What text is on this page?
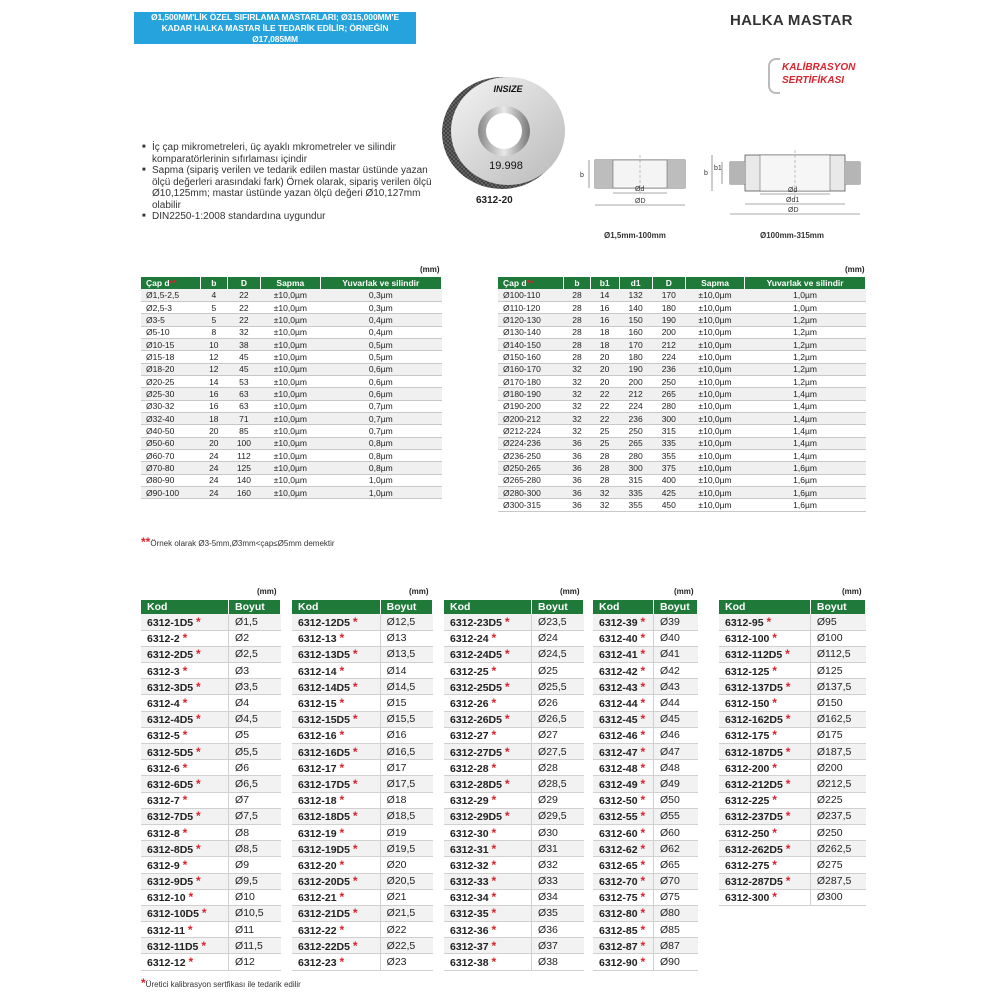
Ø1,500MM'LİK ÖZEL SIFIRLAMA MASTARLARI; Ø315,000MM'E KADAR HALKA MASTAR İLE TEDARİK EDİLİR; ÖRNEĞİN Ø17,085MM
HALKA MASTAR
KALİBRASYON
SERTİFİKASI
INSIZE
19.998
6312-20
■ İç çap mikrometreleri, üç ayaklı mkrometreler ve silindir komparatörlerinin sıfırlaması içindir
■ Sapma (sipariş verilen ve tedarik edilen mastar üstünde yazan ölçü değerleri arasındaki fark) Örnek olarak, sipariş verilen ölçü Ø10,125mm; mastar üstünde yazan ölçü değeri Ø10,127mm olabilir
■ DIN2250-1:2008 standardına uygundur
b
Ød
ØD
Ø1,5mm-100mm
b
b1
Ød
Ød1
ØD
Ø100mm-315mm
(mm)
Çap d**	b	D	Sapma	Yuvarlak ve silindir
Ø1,5-2,5	4	22	±10,0µm	0,3µm
Ø2,5-3	5	22	±10,0µm	0,3µm
Ø3-5	5	22	±10,0µm	0,4µm
Ø5-10	8	32	±10,0µm	0,4µm
Ø10-15	10	38	±10,0µm	0,5µm
Ø15-18	12	45	±10,0µm	0,5µm
Ø18-20	12	45	±10,0µm	0,6µm
Ø20-25	14	53	±10,0µm	0,6µm
Ø25-30	16	63	±10,0µm	0,6µm
Ø30-32	16	63	±10,0µm	0,7µm
Ø32-40	18	71	±10,0µm	0,7µm
Ø40-50	20	85	±10,0µm	0,7µm
Ø50-60	20	100	±10,0µm	0,8µm
Ø60-70	24	112	±10,0µm	0,8µm
Ø70-80	24	125	±10,0µm	0,8µm
Ø80-90	24	140	±10,0µm	1,0µm
Ø90-100	24	160	±10,0µm	1,0µm
(mm)
Çap d**	b	b1	d1	D	Sapma	Yuvarlak ve silindir
Ø100-110	28	14	132	170	±10,0µm	1,0µm
Ø110-120	28	16	140	180	±10,0µm	1,0µm
Ø120-130	28	16	150	190	±10,0µm	1,2µm
Ø130-140	28	18	160	200	±10,0µm	1,2µm
Ø140-150	28	18	170	212	±10,0µm	1,2µm
Ø150-160	28	20	180	224	±10,0µm	1,2µm
Ø160-170	32	20	190	236	±10,0µm	1,2µm
Ø170-180	32	20	200	250	±10,0µm	1,2µm
Ø180-190	32	22	212	265	±10,0µm	1,4µm
Ø190-200	32	22	224	280	±10,0µm	1,4µm
Ø200-212	32	22	236	300	±10,0µm	1,4µm
Ø212-224	32	25	250	315	±10,0µm	1,4µm
Ø224-236	36	25	265	335	±10,0µm	1,4µm
Ø236-250	36	28	280	355	±10,0µm	1,4µm
Ø250-265	36	28	300	375	±10,0µm	1,6µm
Ø265-280	36	28	315	400	±10,0µm	1,6µm
Ø280-300	36	32	335	425	±10,0µm	1,6µm
Ø300-315	36	32	355	450	±10,0µm	1,6µm
**Örnek olarak Ø3-5mm,Ø3mm<çap≤Ø5mm demektir
(mm)
Kod	Boyut
6312-1D5 *	Ø1,5
6312-2 *	Ø2
6312-2D5 *	Ø2,5
6312-3 *	Ø3
6312-3D5 *	Ø3,5
6312-4 *	Ø4
6312-4D5 *	Ø4,5
6312-5 *	Ø5
6312-5D5 *	Ø5,5
6312-6 *	Ø6
6312-6D5 *	Ø6,5
6312-7 *	Ø7
6312-7D5 *	Ø7,5
6312-8 *	Ø8
6312-8D5 *	Ø8,5
6312-9 *	Ø9
6312-9D5 *	Ø9,5
6312-10 *	Ø10
6312-10D5 *	Ø10,5
6312-11 *	Ø11
6312-11D5 *	Ø11,5
6312-12 *	Ø12
(mm)
Kod	Boyut
6312-12D5 *	Ø12,5
6312-13 *	Ø13
6312-13D5 *	Ø13,5
6312-14 *	Ø14
6312-14D5 *	Ø14,5
6312-15 *	Ø15
6312-15D5 *	Ø15,5
6312-16 *	Ø16
6312-16D5 *	Ø16,5
6312-17 *	Ø17
6312-17D5 *	Ø17,5
6312-18 *	Ø18
6312-18D5 *	Ø18,5
6312-19 *	Ø19
6312-19D5 *	Ø19,5
6312-20 *	Ø20
6312-20D5 *	Ø20,5
6312-21 *	Ø21
6312-21D5 *	Ø21,5
6312-22 *	Ø22
6312-22D5 *	Ø22,5
6312-23 *	Ø23
(mm)
Kod	Boyut
6312-23D5 *	Ø23,5
6312-24 *	Ø24
6312-24D5 *	Ø24,5
6312-25 *	Ø25
6312-25D5 *	Ø25,5
6312-26 *	Ø26
6312-26D5 *	Ø26,5
6312-27 *	Ø27
6312-27D5 *	Ø27,5
6312-28 *	Ø28
6312-28D5 *	Ø28,5
6312-29 *	Ø29
6312-29D5 *	Ø29,5
6312-30 *	Ø30
6312-31 *	Ø31
6312-32 *	Ø32
6312-33 *	Ø33
6312-34 *	Ø34
6312-35 *	Ø35
6312-36 *	Ø36
6312-37 *	Ø37
6312-38 *	Ø38
(mm)
Kod	Boyut
6312-39 *	Ø39
6312-40 *	Ø40
6312-41 *	Ø41
6312-42 *	Ø42
6312-43 *	Ø43
6312-44 *	Ø44
6312-45 *	Ø45
6312-46 *	Ø46
6312-47 *	Ø47
6312-48 *	Ø48
6312-49 *	Ø49
6312-50 *	Ø50
6312-55 *	Ø55
6312-60 *	Ø60
6312-62 *	Ø62
6312-65 *	Ø65
6312-70 *	Ø70
6312-75 *	Ø75
6312-80 *	Ø80
6312-85 *	Ø85
6312-87 *	Ø87
6312-90 *	Ø90
(mm)
Kod	Boyut
6312-95 *	Ø95
6312-100 *	Ø100
6312-112D5 *	Ø112,5
6312-125 *	Ø125
6312-137D5 *	Ø137,5
6312-150 *	Ø150
6312-162D5 *	Ø162,5
6312-175 *	Ø175
6312-187D5 *	Ø187,5
6312-200 *	Ø200
6312-212D5 *	Ø212,5
6312-225 *	Ø225
6312-237D5 *	Ø237,5
6312-250 *	Ø250
6312-262D5 *	Ø262,5
6312-275 *	Ø275
6312-287D5 *	Ø287,5
6312-300 *	Ø300
*Üretici kalibrasyon sertfikası ile tedarik edilir
